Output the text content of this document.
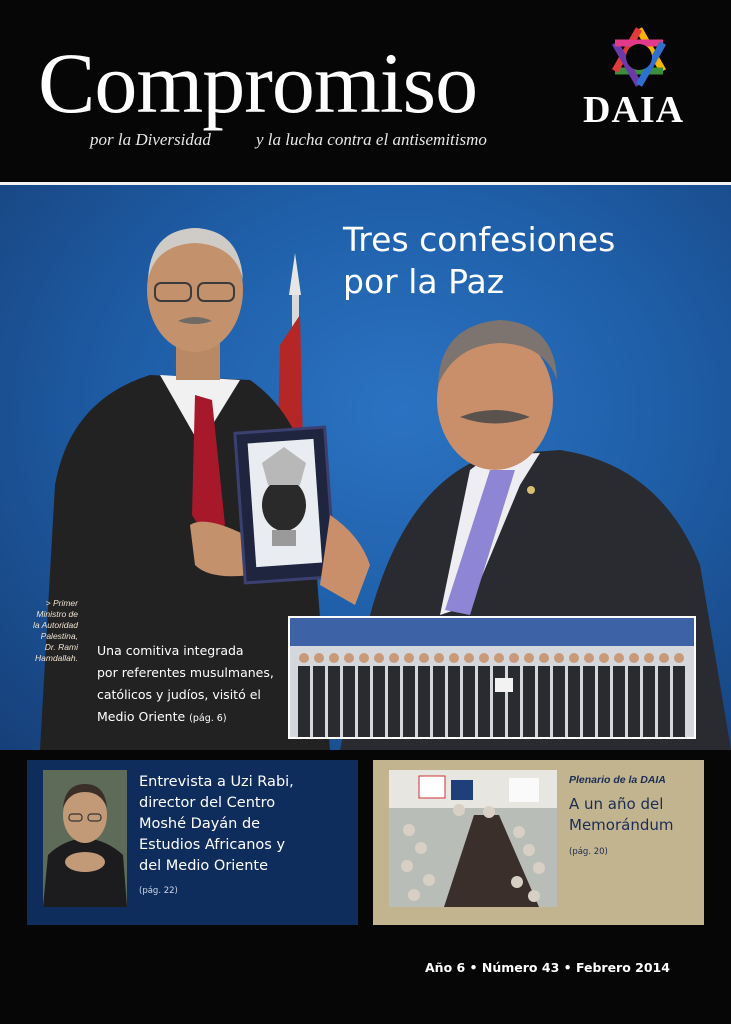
Compromiso
por la Diversidad	y la lucha contra el antisemitismo
DAIA
Tres confesiones
por la Paz
> Primer
Ministro de
la Autoridad
Palestina,
Dr. Rami
Hamdallah. Una comitiva integrada
por referentes musulmanes,
católicos y judíos, visitó el
Medio Oriente (pág. 6)
Entrevista a Uzi Rabi,
director del Centro
Moshé Dayán de
Estudios Africanos y
del Medio Oriente
(pág. 22)
Plenario de la DAIA
A un año del
Memorándum
(pág. 20)
Año 6 • Número 43 • Febrero 2014
